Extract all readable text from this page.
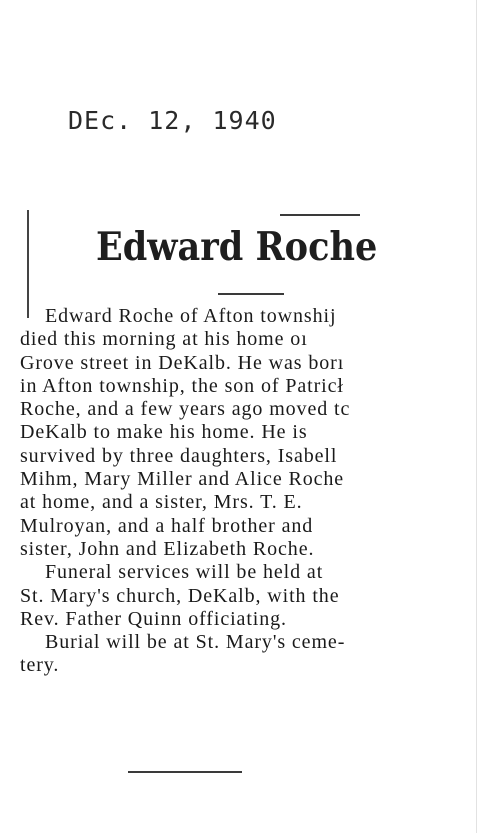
DEc. 12, 1940
Edward Roche
Edward Roche of Afton townshij
died this morning at his home oı
Grove street in DeKalb. He was borı
in Afton township, the son of Patricł
Roche, and a few years ago moved tc
DeKalb to make his home. He is
survived by three daughters, Isabell
Mihm, Mary Miller and Alice Roche
at home, and a sister, Mrs. T. E.
Mulroyan, and a half brother and
sister, John and Elizabeth Roche.
Funeral services will be held at
St. Mary's church, DeKalb, with the
Rev. Father Quinn officiating.
Burial will be at St. Mary's ceme-
tery.
